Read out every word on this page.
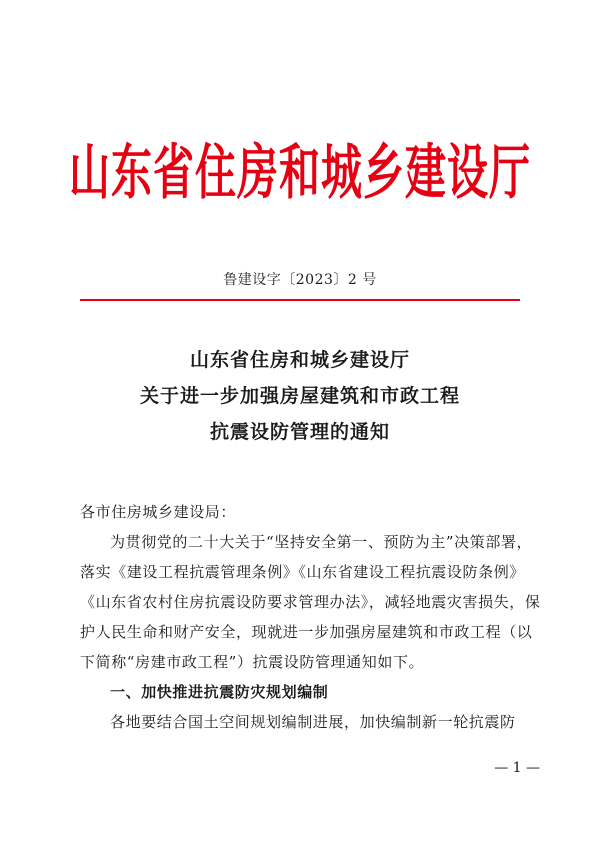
山东省住房和城乡建设厅
鲁建设字〔2023〕2 号
山东省住房和城乡建设厅
关于进一步加强房屋建筑和市政工程
抗震设防管理的通知
各市住房城乡建设局：
为贯彻党的二十大关于“坚持安全第一、预防为主”决策部署，
落实《建设工程抗震管理条例》《山东省建设工程抗震设防条例》
《山东省农村住房抗震设防要求管理办法》，减轻地震灾害损失，保
护人民生命和财产安全，现就进一步加强房屋建筑和市政工程（以
下简称“房建市政工程”）抗震设防管理通知如下。
一、加快推进抗震防灾规划编制
各地要结合国土空间规划编制进展，加快编制新一轮抗震防
— 1 —
